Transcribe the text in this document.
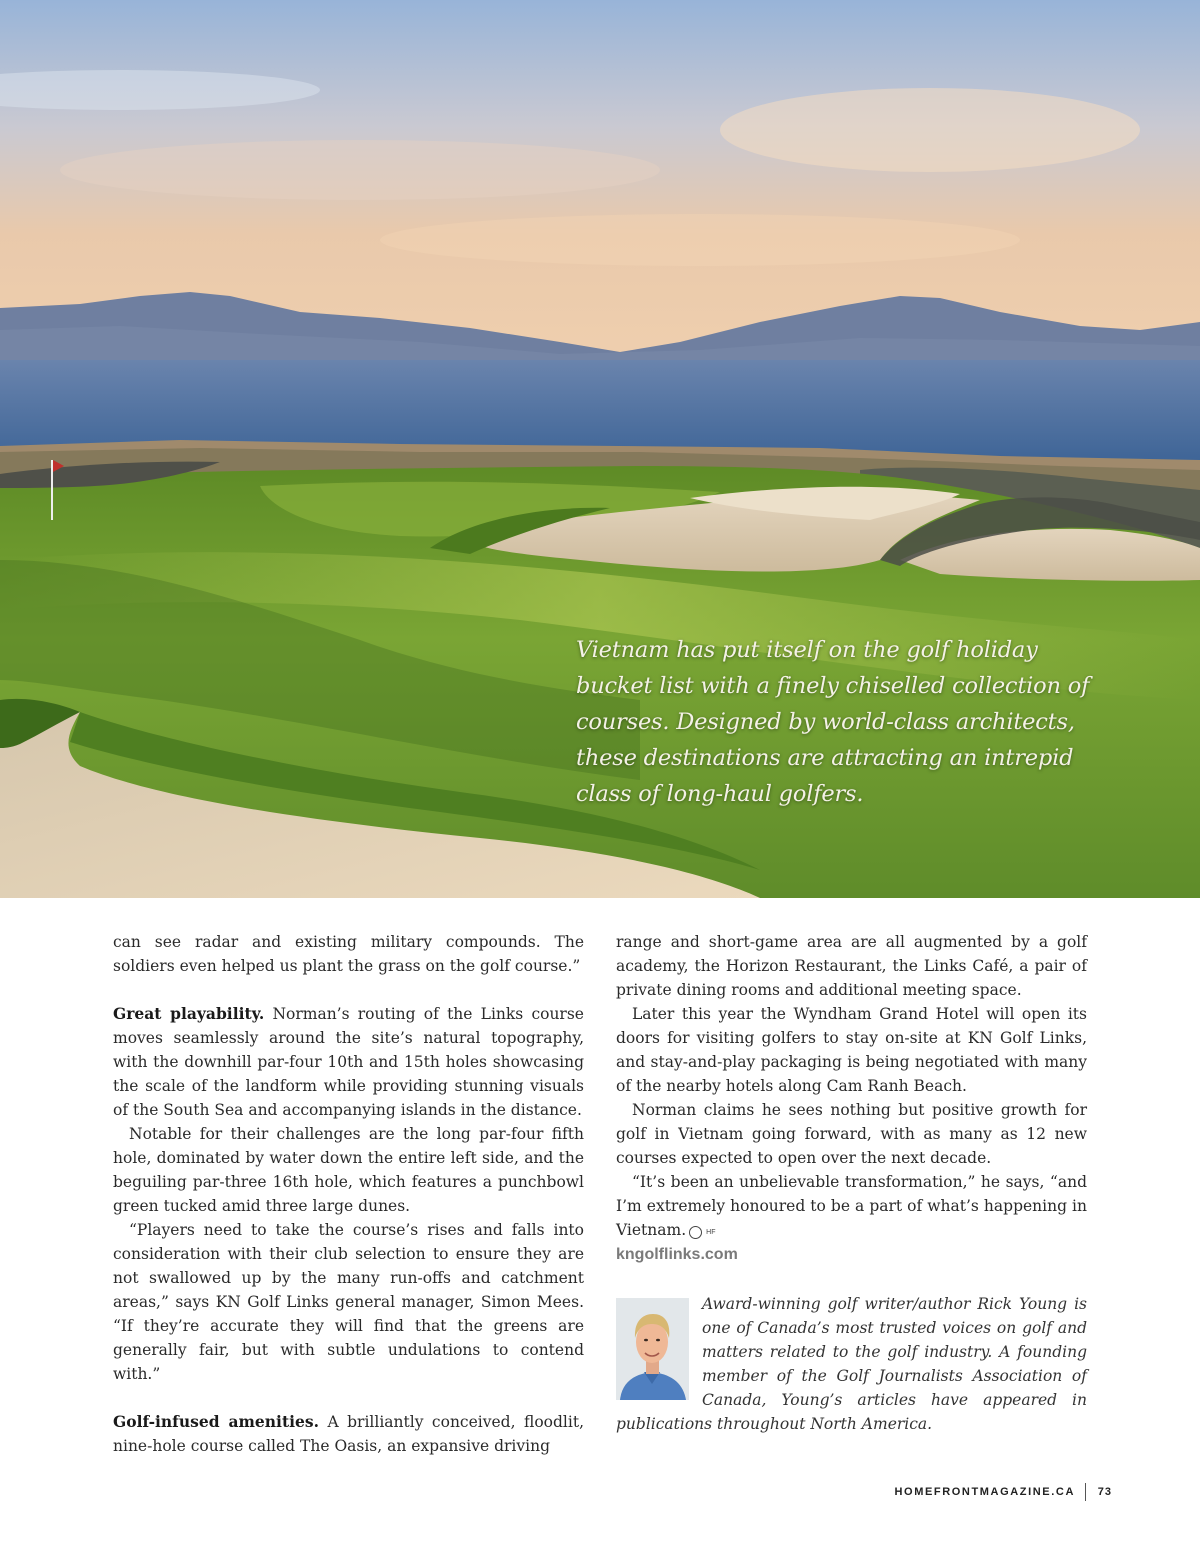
Vietnam has put itself on the golf holiday
bucket list with a finely chiselled collection of
courses. Designed by world-class architects,
these destinations are attracting an intrepid
class of long-haul golfers.

can see radar and existing military compounds. The soldiers even helped us plant the grass on the golf course.”

Great playability. Norman’s routing of the Links course moves seamlessly around the site’s natural topography, with the downhill par-four 10th and 15th holes showcasing the scale of the landform while providing stunning visuals of the South Sea and accompanying islands in the distance.

Notable for their challenges are the long par-four fifth hole, dominated by water down the entire left side, and the beguiling par-three 16th hole, which features a punchbowl green tucked amid three large dunes.

“Players need to take the course’s rises and falls into consideration with their club selection to ensure they are not swallowed up by the many run-offs and catchment areas,” says KN Golf Links general manager, Simon Mees. “If they’re accurate they will find that the greens are generally fair, but with subtle undulations to contend with.”

Golf-infused amenities. A brilliantly conceived, floodlit, nine-hole course called The Oasis, an expansive driving

range and short-game area are all augmented by a golf academy, the Horizon Restaurant, the Links Café, a pair of private dining rooms and additional meeting space.

Later this year the Wyndham Grand Hotel will open its doors for visiting golfers to stay on-site at KN Golf Links, and stay-and-play packaging is being negotiated with many of the nearby hotels along Cam Ranh Beach.

Norman claims he sees nothing but positive growth for golf in Vietnam going forward, with as many as 12 new courses expected to open over the next decade.

“It’s been an unbelievable transformation,” he says, “and I’m extremely honoured to be a part of what’s happening in Vietnam.	HF

kngolflinks.com

Award-winning golf writer/author Rick Young is one of Canada’s most trusted voices on golf and matters related to the golf industry. A founding member of the Golf Journalists Association of Canada, Young’s articles have appeared in publications throughout North America.
HOMEFRONTMAGAZINE.CA 73
